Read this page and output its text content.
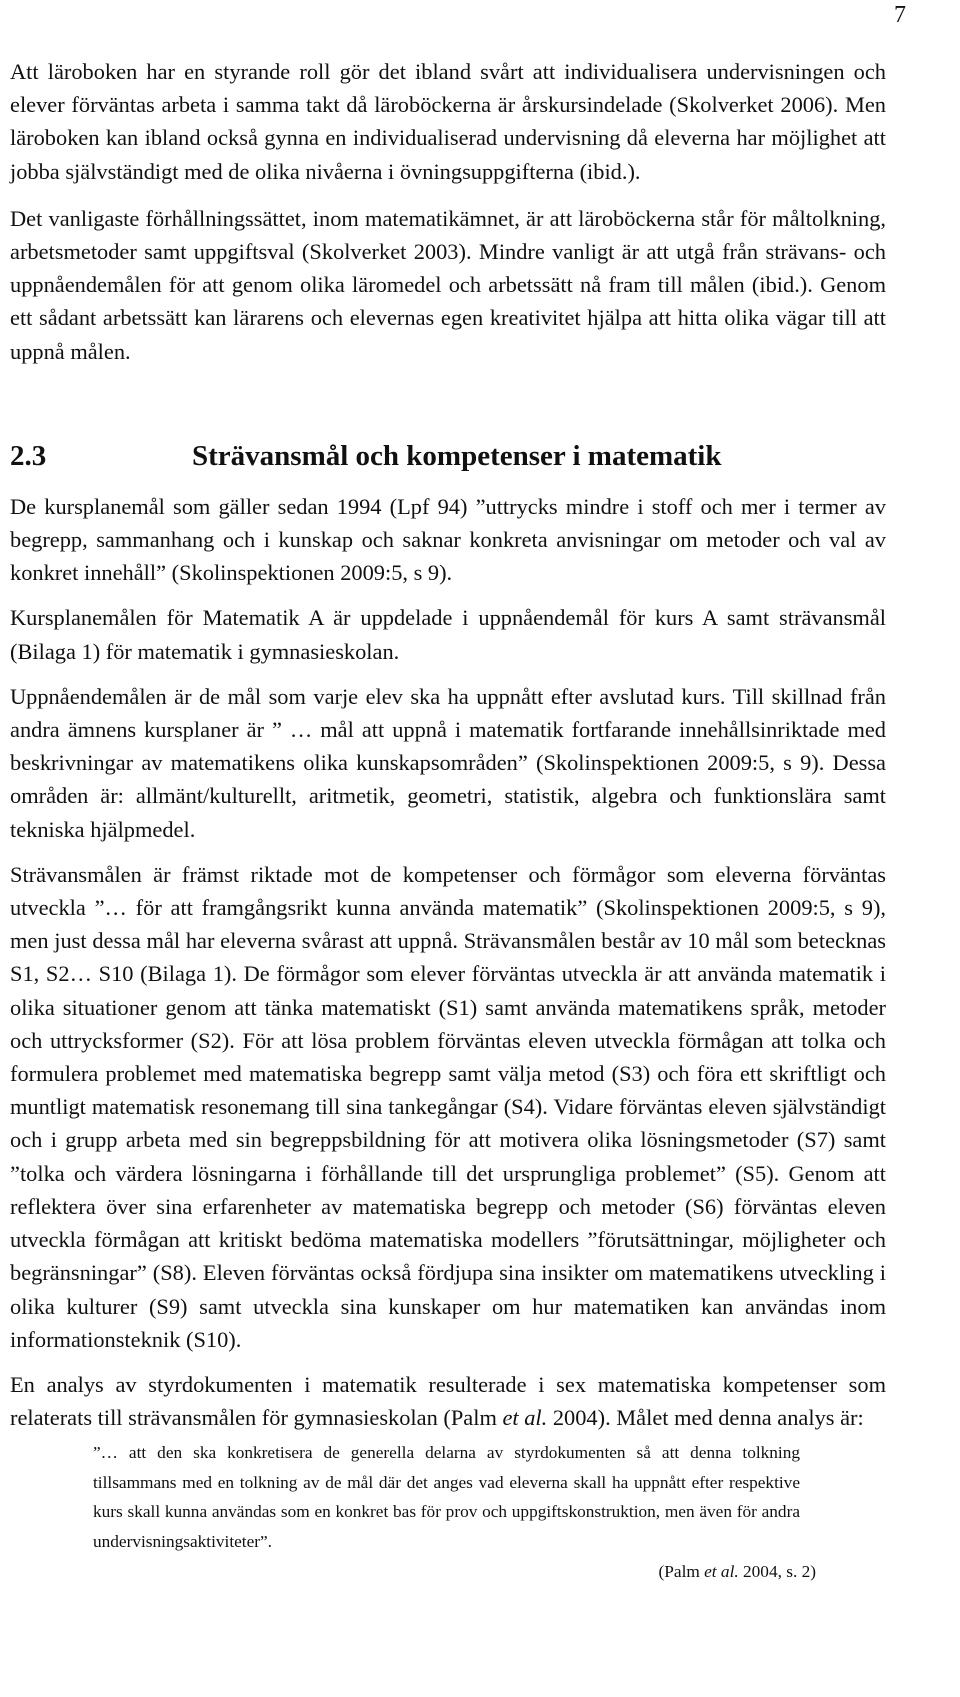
7

Att läroboken har en styrande roll gör det ibland svårt att individualisera undervisningen och elever förväntas arbeta i samma takt då läroböckerna är årskursindelade (Skolverket 2006). Men läroboken kan ibland också gynna en individualiserad undervisning då eleverna har möjlighet att jobba självständigt med de olika nivåerna i övningsuppgifterna (ibid.).

Det vanligaste förhållningssättet, inom matematikämnet, är att läroböckerna står för måltolkning, arbetsmetoder samt uppgiftsval (Skolverket 2003). Mindre vanligt är att utgå från strävans- och uppnåendemålen för att genom olika läromedel och arbetssätt nå fram till målen (ibid.). Genom ett sådant arbetssätt kan lärarens och elevernas egen kreativitet hjälpa att hitta olika vägar till att uppnå målen.

2.3	Strävansmål och kompetenser i matematik

De kursplanemål som gäller sedan 1994 (Lpf 94) ”uttrycks mindre i stoff och mer i termer av begrepp, sammanhang och i kunskap och saknar konkreta anvisningar om metoder och val av konkret innehåll” (Skolinspektionen 2009:5, s 9).

Kursplanemålen för Matematik A är uppdelade i uppnåendemål för kurs A samt strävansmål (Bilaga 1) för matematik i gymnasieskolan.

Uppnåendemålen är de mål som varje elev ska ha uppnått efter avslutad kurs. Till skillnad från andra ämnens kursplaner är ” … mål att uppnå i matematik fortfarande innehållsinriktade med beskrivningar av matematikens olika kunskapsområden” (Skolinspektionen 2009:5, s 9). Dessa områden är: allmänt/kulturellt, aritmetik, geometri, statistik, algebra och funktionslära samt tekniska hjälpmedel.

Strävansmålen är främst riktade mot de kompetenser och förmågor som eleverna förväntas utveckla ”… för att framgångsrikt kunna använda matematik” (Skolinspektionen 2009:5, s 9), men just dessa mål har eleverna svårast att uppnå. Strävansmålen består av 10 mål som betecknas S1, S2… S10 (Bilaga 1). De förmågor som elever förväntas utveckla är att använda matematik i olika situationer genom att tänka matematiskt (S1) samt använda matematikens språk, metoder och uttrycksformer (S2). För att lösa problem förväntas eleven utveckla förmågan att tolka och formulera problemet med matematiska begrepp samt välja metod (S3) och föra ett skriftligt och muntligt matematisk resonemang till sina tankegångar (S4). Vidare förväntas eleven självständigt och i grupp arbeta med sin begreppsbildning för att motivera olika lösningsmetoder (S7) samt ”tolka och värdera lösningarna i förhållande till det ursprungliga problemet” (S5). Genom att reflektera över sina erfarenheter av matematiska begrepp och metoder (S6) förväntas eleven utveckla förmågan att kritiskt bedöma matematiska modellers ”förutsättningar, möjligheter och begränsningar” (S8). Eleven förväntas också fördjupa sina insikter om matematikens utveckling i olika kulturer (S9) samt utveckla sina kunskaper om hur matematiken kan användas inom informationsteknik (S10).

En analys av styrdokumenten i matematik resulterade i sex matematiska kompetenser som relaterats till strävansmålen för gymnasieskolan (Palm et al. 2004). Målet med denna analys är:

”… att den ska konkretisera de generella delarna av styrdokumenten så att denna tolkning tillsammans med en tolkning av de mål där det anges vad eleverna skall ha uppnått efter respektive kurs skall kunna användas som en konkret bas för prov och uppgiftskonstruktion, men även för andra undervisningsaktiviteter”.
(Palm et al. 2004, s. 2)
